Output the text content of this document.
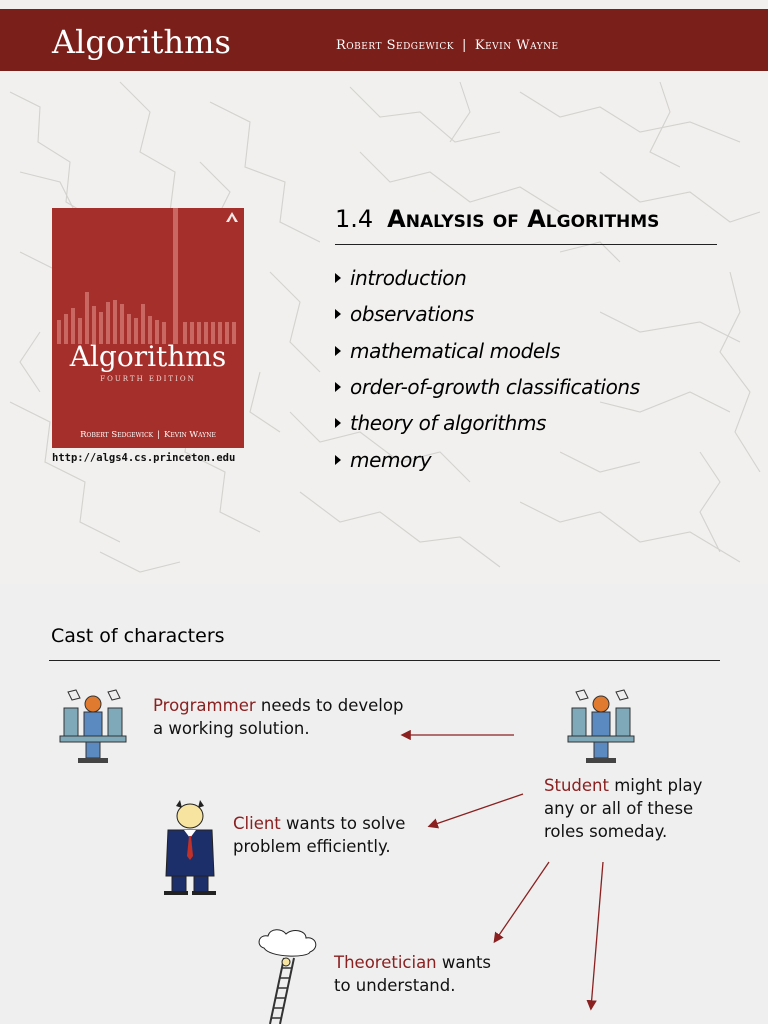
Algorithms	Robert Sedgewick | Kevin Wayne
Algorithms
FOURTH EDITION
Robert Sedgewick | Kevin Wayne
http://algs4.cs.princeton.edu
1.4 Analysis of Algorithms
introduction
observations
mathematical models
order-of-growth classifications
theory of algorithms
memory
Cast of characters
Programmer needs to develop
a working solution.
Student might play
any or all of these
roles someday.
Client wants to solve
problem efficiently.
Theoretician wants
to understand.
